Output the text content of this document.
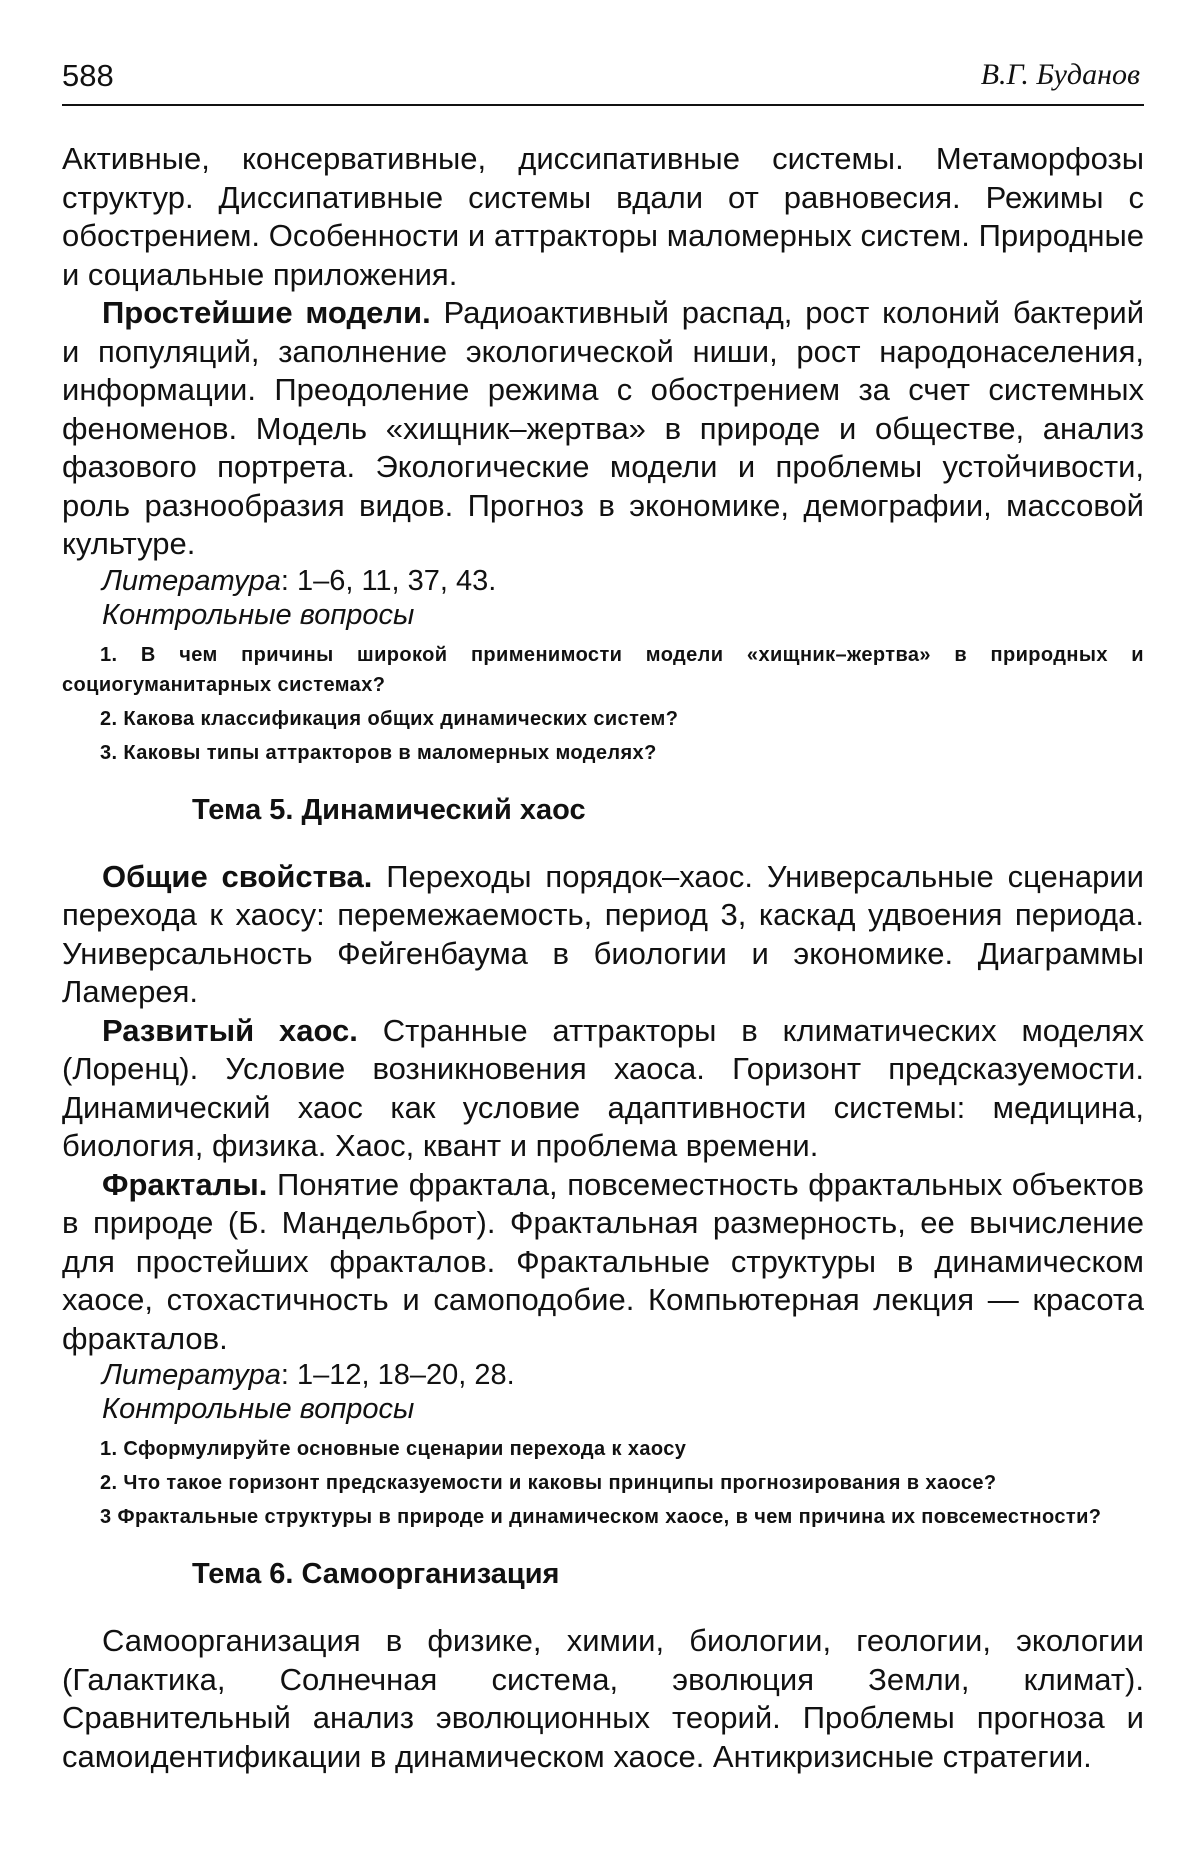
588	В.Г. Буданов

Активные, консервативные, диссипативные системы. Метаморфозы структур. Диссипативные системы вдали от равновесия. Режимы с обострением. Особенности и аттракторы маломерных систем. Природные и социальные приложения.

Простейшие модели. Радиоактивный распад, рост колоний бактерий и популяций, заполнение экологической ниши, рост народонаселения, информации. Преодоление режима с обострением за счет системных феноменов. Модель «хищник–жертва» в природе и обществе, анализ фазового портрета. Экологические модели и проблемы устойчивости, роль разнообразия видов. Прогноз в экономике, демографии, массовой культуре.

Литература: 1–6, 11, 37, 43.

Контрольные вопросы

1. В чем причины широкой применимости модели «хищник–жертва» в природных и социогуманитарных системах?

2. Какова классификация общих динамических систем?

3. Каковы типы аттракторов в маломерных моделях?

Тема 5. Динамический хаос

Общие свойства. Переходы порядок–хаос. Универсальные сценарии перехода к хаосу: перемежаемость, период 3, каскад удвоения периода. Универсальность Фейгенбаума в биологии и экономике. Диаграммы Ламерея.

Развитый хаос. Странные аттракторы в климатических моделях (Лоренц). Условие возникновения хаоса. Горизонт предсказуемости. Динамический хаос как условие адаптивности системы: медицина, биология, физика. Хаос, квант и проблема времени.

Фракталы. Понятие фрактала, повсеместность фрактальных объектов в природе (Б. Мандельброт). Фрактальная размерность, ее вычисление для простейших фракталов. Фрактальные структуры в динамическом хаосе, стохастичность и самоподобие. Компьютерная лекция — красота фракталов.

Литература: 1–12, 18–20, 28.

Контрольные вопросы

1. Сформулируйте основные сценарии перехода к хаосу

2. Что такое горизонт предсказуемости и каковы принципы прогнозирования в хаосе?

3 Фрактальные структуры в природе и динамическом хаосе, в чем причина их повсеместности?

Тема 6. Самоорганизация

Самоорганизация в физике, химии, биологии, геологии, экологии (Галактика, Солнечная система, эволюция Земли, климат). Сравнительный анализ эволюционных теорий. Проблемы прогноза и самоидентификации в динамическом хаосе. Антикризисные стратегии.
